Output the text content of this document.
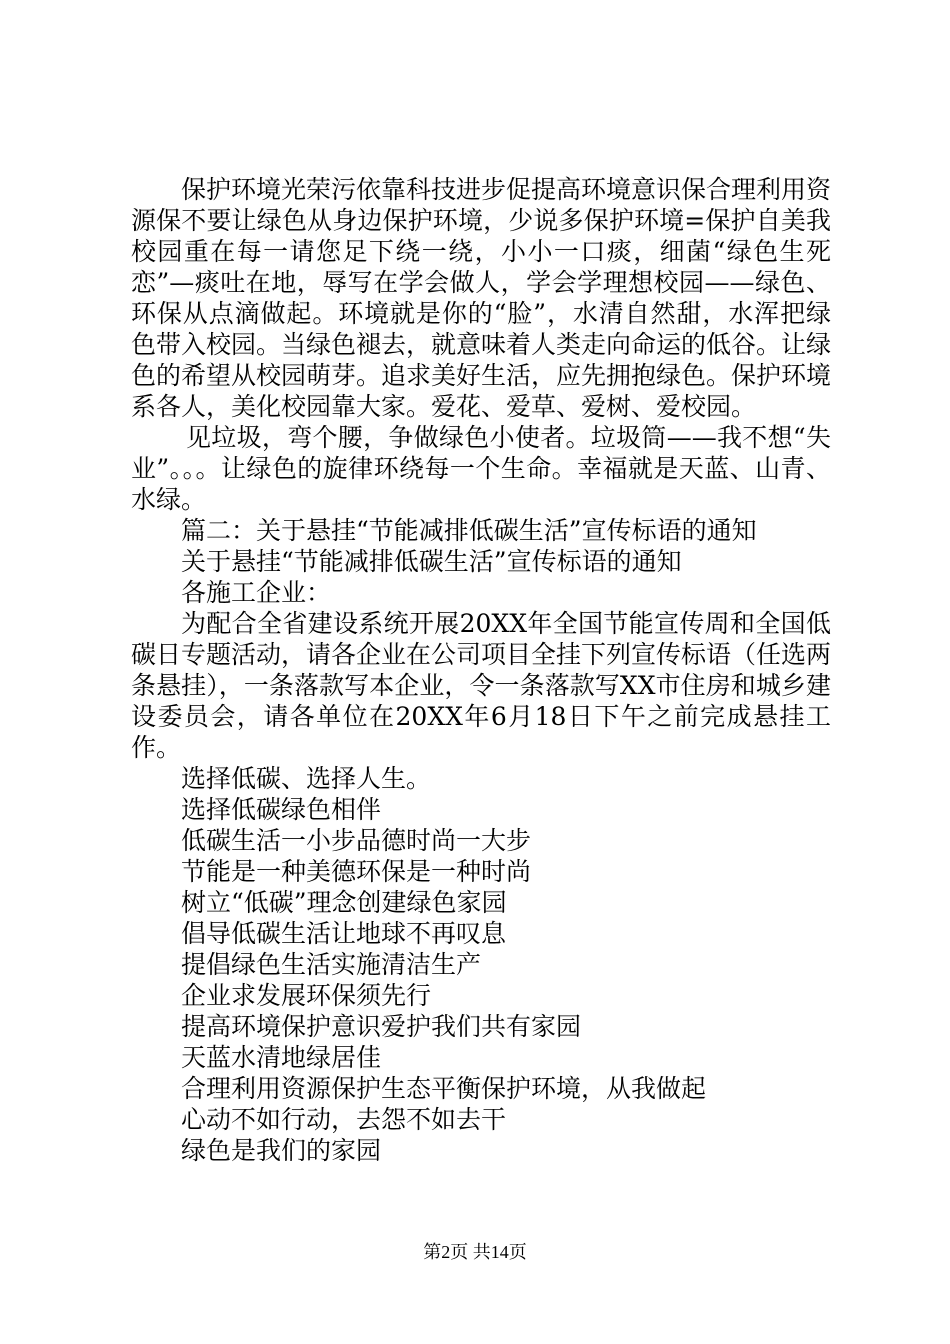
保护环境光荣污依靠科技进步促提高环境意识保合理利用资源保不要让绿色从身边保护环境，少说多保护环境=保护自美我校园重在每一请您足下绕一绕，小小一口痰，细菌“绿色生死恋”—痰吐在地，辱写在学会做人，学会学理想校园——绿色、环保从点滴做起。环境就是你的“脸”，水清自然甜，水浑把绿色带入校园。当绿色褪去，就意味着人类走向命运的低谷。让绿色的希望从校园萌芽。追求美好生活，应先拥抱绿色。保护环境系各人，美化校园靠大家。爱花、爱草、爱树、爱校园。

见垃圾，弯个腰，争做绿色小使者。垃圾筒——我不想“失业”。。。让绿色的旋律环绕每一个生命。幸福就是天蓝、山青、水绿。

篇二：关于悬挂“节能减排低碳生活”宣传标语的通知

关于悬挂“节能减排低碳生活”宣传标语的通知

各施工企业：

为配合全省建设系统开展20XX年全国节能宣传周和全国低碳日专题活动，请各企业在公司项目全挂下列宣传标语（任选两条悬挂），一条落款写本企业，令一条落款写XX市住房和城乡建设委员会，请各单位在20XX年6月18日下午之前完成悬挂工作。

选择低碳、选择人生。

选择低碳绿色相伴

低碳生活一小步品德时尚一大步

节能是一种美德环保是一种时尚

树立“低碳”理念创建绿色家园

倡导低碳生活让地球不再叹息

提倡绿色生活实施清洁生产

企业求发展环保须先行

提高环境保护意识爱护我们共有家园

天蓝水清地绿居佳

合理利用资源保护生态平衡保护环境，从我做起

心动不如行动，去怨不如去干

绿色是我们的家园

第2页 共14页
